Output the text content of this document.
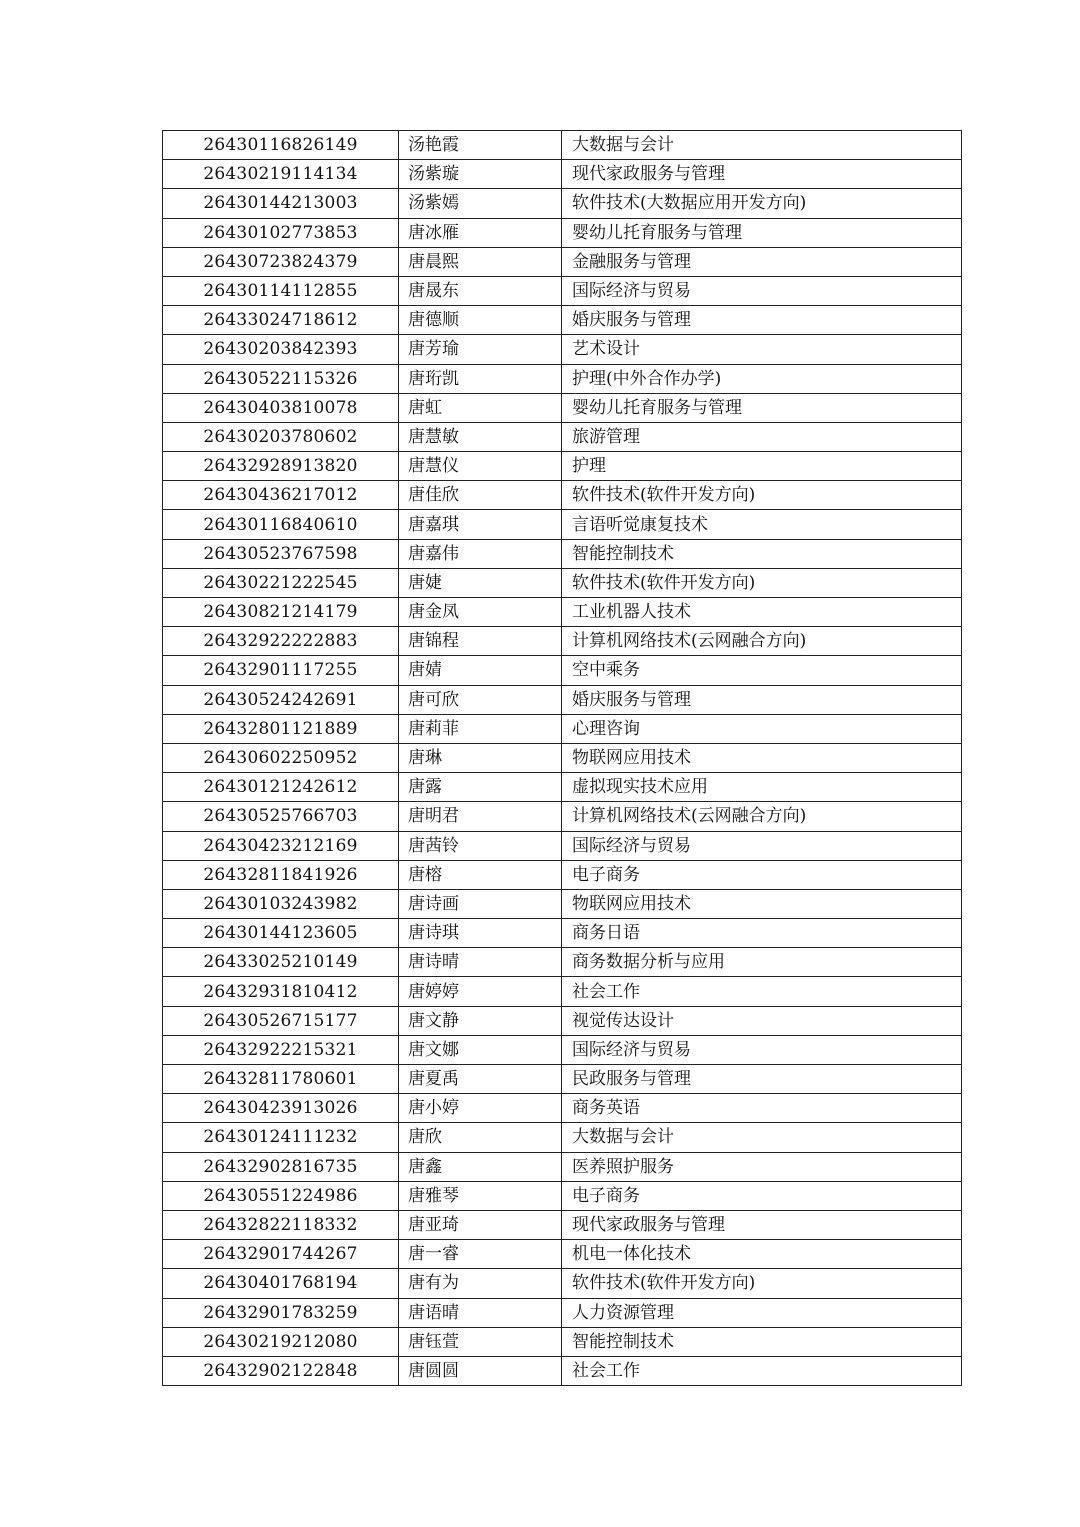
26430116826149	汤艳霞	大数据与会计
26430219114134	汤紫璇	现代家政服务与管理
26430144213003	汤紫嫣	软件技术(大数据应用开发方向)
26430102773853	唐冰雁	婴幼儿托育服务与管理
26430723824379	唐晨熙	金融服务与管理
26430114112855	唐晟东	国际经济与贸易
26433024718612	唐德顺	婚庆服务与管理
26430203842393	唐芳瑜	艺术设计
26430522115326	唐珩凯	护理(中外合作办学)
26430403810078	唐虹	婴幼儿托育服务与管理
26430203780602	唐慧敏	旅游管理
26432928913820	唐慧仪	护理
26430436217012	唐佳欣	软件技术(软件开发方向)
26430116840610	唐嘉琪	言语听觉康复技术
26430523767598	唐嘉伟	智能控制技术
26430221222545	唐婕	软件技术(软件开发方向)
26430821214179	唐金凤	工业机器人技术
26432922222883	唐锦程	计算机网络技术(云网融合方向)
26432901117255	唐婧	空中乘务
26430524242691	唐可欣	婚庆服务与管理
26432801121889	唐莉菲	心理咨询
26430602250952	唐琳	物联网应用技术
26430121242612	唐露	虚拟现实技术应用
26430525766703	唐明君	计算机网络技术(云网融合方向)
26430423212169	唐茜铃	国际经济与贸易
26432811841926	唐榕	电子商务
26430103243982	唐诗画	物联网应用技术
26430144123605	唐诗琪	商务日语
26433025210149	唐诗晴	商务数据分析与应用
26432931810412	唐婷婷	社会工作
26430526715177	唐文静	视觉传达设计
26432922215321	唐文娜	国际经济与贸易
26432811780601	唐夏禹	民政服务与管理
26430423913026	唐小婷	商务英语
26430124111232	唐欣	大数据与会计
26432902816735	唐鑫	医养照护服务
26430551224986	唐雅琴	电子商务
26432822118332	唐亚琦	现代家政服务与管理
26432901744267	唐一睿	机电一体化技术
26430401768194	唐有为	软件技术(软件开发方向)
26432901783259	唐语晴	人力资源管理
26430219212080	唐钰萱	智能控制技术
26432902122848	唐圆圆	社会工作
